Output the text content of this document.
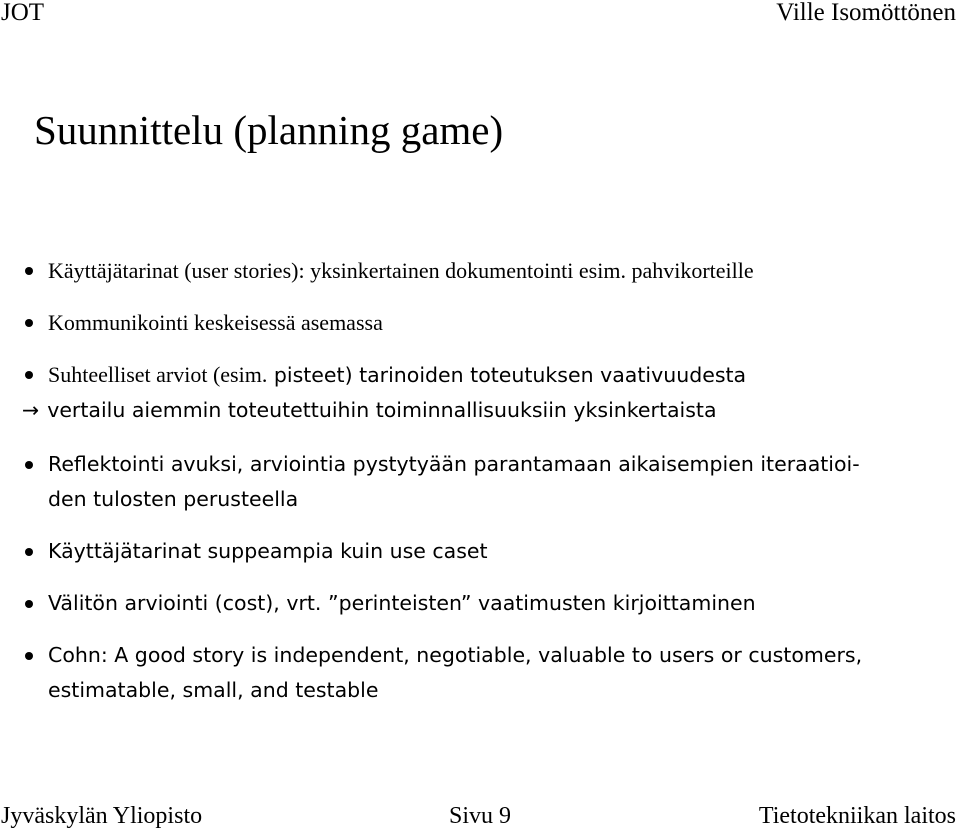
JOT	Ville Isomöttönen
Suunnittelu (planning game)
Käyttäjätarinat (user stories): yksinkertainen dokumentointi esim. pahvikorteille
Kommunikointi keskeisessä asemassa
Suhteelliset arviot (esim. pisteet) tarinoiden toteutuksen vaativuudesta
→ vertailu aiemmin toteutettuihin toiminnallisuuksiin yksinkertaista
Reflektointi avuksi, arviointia pystytyään parantamaan aikaisempien iteraatioi-
den tulosten perusteella
Käyttäjätarinat suppeampia kuin use caset
Välitön arviointi (cost), vrt. ”perinteisten” vaatimusten kirjoittaminen
Cohn: A good story is independent, negotiable, valuable to users or customers,
estimatable, small, and testable
Jyväskylän Yliopisto	Sivu 9	Tietotekniikan laitos
